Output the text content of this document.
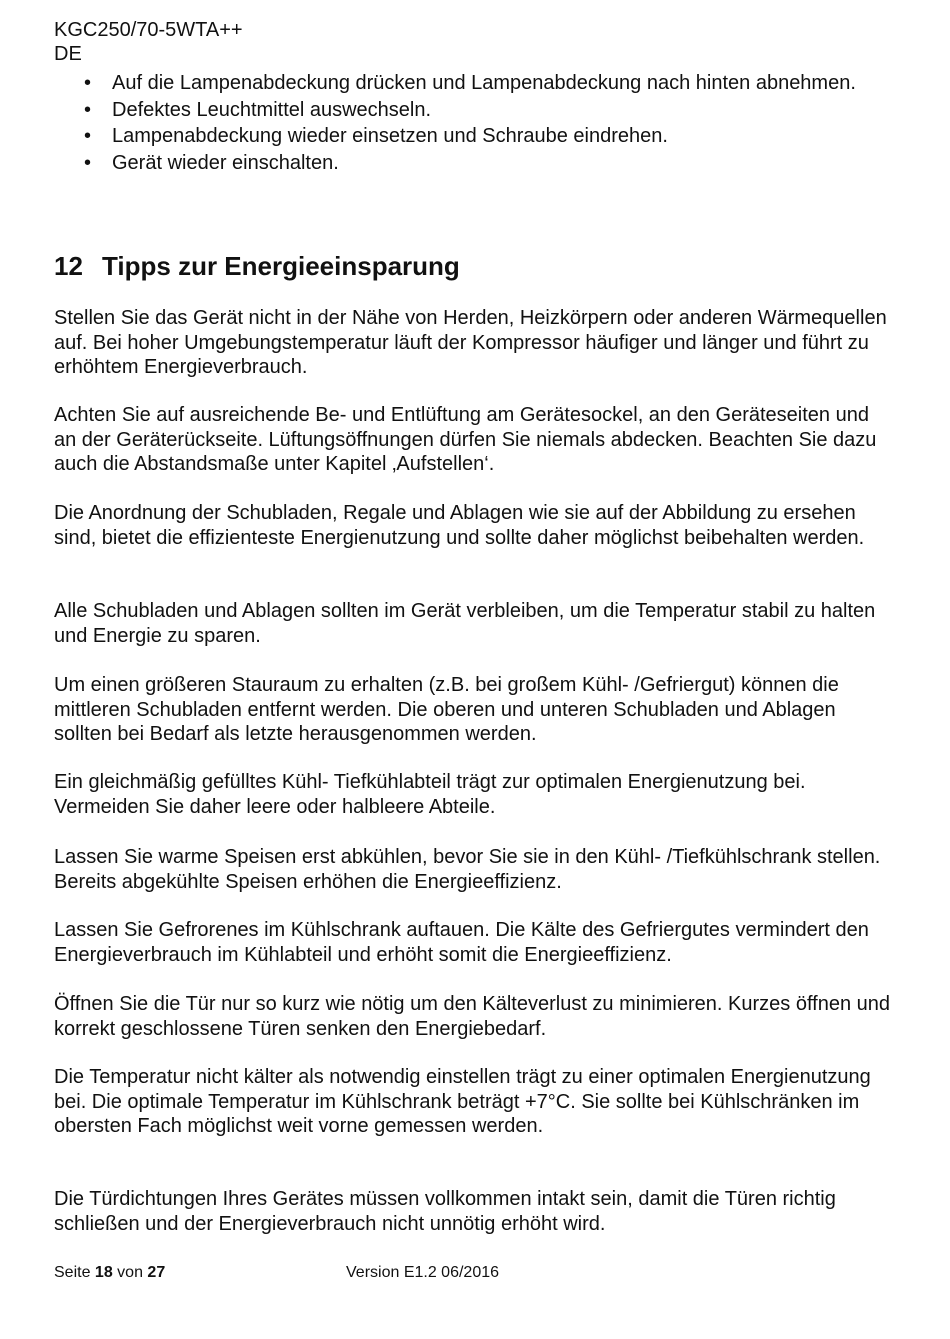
KGC250/70-5WTA++
DE
• Auf die Lampenabdeckung drücken und Lampenabdeckung nach hinten abnehmen.
• Defektes Leuchtmittel auswechseln.
• Lampenabdeckung wieder einsetzen und Schraube eindrehen.
• Gerät wieder einschalten.
12 Tipps zur Energieeinsparung

Stellen Sie das Gerät nicht in der Nähe von Herden, Heizkörpern oder anderen Wärmequellen auf. Bei hoher Umgebungstemperatur läuft der Kompressor häufiger und länger und führt zu erhöhtem Energieverbrauch.

Achten Sie auf ausreichende Be- und Entlüftung am Gerätesockel, an den Geräteseiten und an der Geräterückseite. Lüftungsöffnungen dürfen Sie niemals abdecken. Beachten Sie dazu auch die Abstandsmaße unter Kapitel ‚Aufstellen‘.

Die Anordnung der Schubladen, Regale und Ablagen wie sie auf der Abbildung zu ersehen sind, bietet die effizienteste Energienutzung und sollte daher möglichst beibehalten werden.

Alle Schubladen und Ablagen sollten im Gerät verbleiben, um die Temperatur stabil zu halten und Energie zu sparen.

Um einen größeren Stauraum zu erhalten (z.B. bei großem Kühl- /Gefriergut) können die mittleren Schubladen entfernt werden. Die oberen und unteren Schubladen und Ablagen sollten bei Bedarf als letzte herausgenommen werden.

Ein gleichmäßig gefülltes Kühl- Tiefkühlabteil trägt zur optimalen Energienutzung bei. Vermeiden Sie daher leere oder halbleere Abteile.

Lassen Sie warme Speisen erst abkühlen, bevor Sie sie in den Kühl- /Tiefkühlschrank stellen. Bereits abgekühlte Speisen erhöhen die Energieeffizienz.

Lassen Sie Gefrorenes im Kühlschrank auftauen. Die Kälte des Gefriergutes vermindert den Energieverbrauch im Kühlabteil und erhöht somit die Energieeffizienz.

Öffnen Sie die Tür nur so kurz wie nötig um den Kälteverlust zu minimieren. Kurzes öffnen und korrekt geschlossene Türen senken den Energiebedarf.

Die Temperatur nicht kälter als notwendig einstellen trägt zu einer optimalen Energienutzung bei. Die optimale Temperatur im Kühlschrank beträgt +7°C. Sie sollte bei Kühlschränken im obersten Fach möglichst weit vorne gemessen werden.

Die Türdichtungen Ihres Gerätes müssen vollkommen intakt sein, damit die Türen richtig schließen und der Energieverbrauch nicht unnötig erhöht wird.

Seite 18 von 27	Version E1.2 06/2016
